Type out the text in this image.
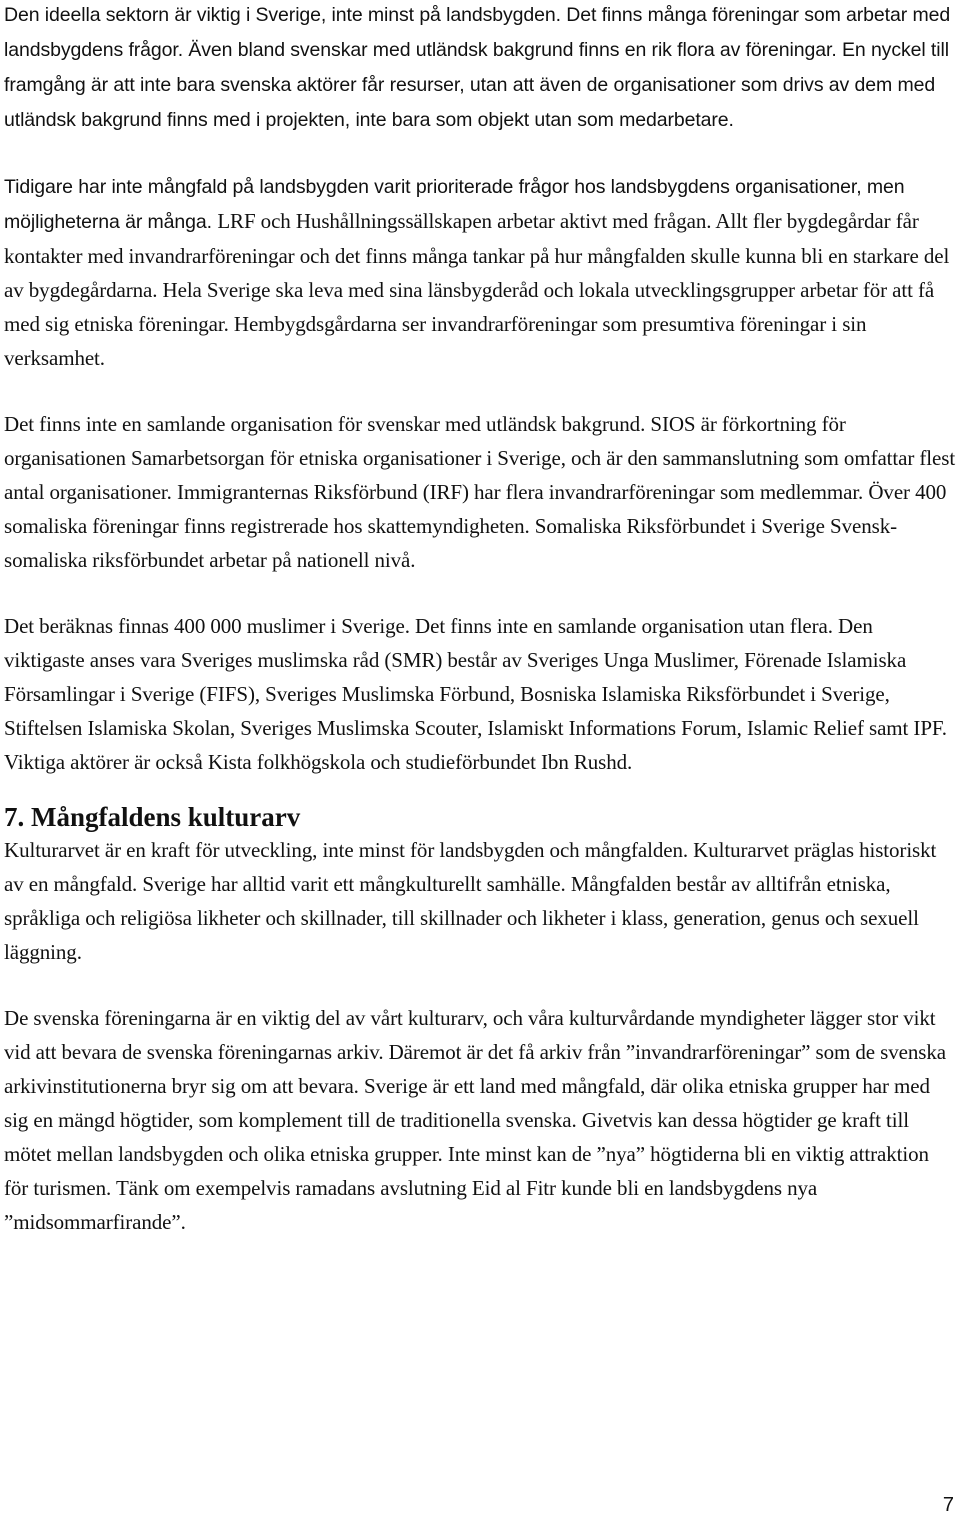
Den ideella sektorn är viktig i Sverige, inte minst på landsbygden. Det finns många föreningar som arbetar med landsbygdens frågor. Även bland svenskar med utländsk bakgrund finns en rik flora av föreningar. En nyckel till framgång är att inte bara svenska aktörer får resurser, utan att även de organisationer som drivs av dem med utländsk bakgrund finns med i projekten, inte bara som objekt utan som medarbetare.

Tidigare har inte mångfald på landsbygden varit prioriterade frågor hos landsbygdens organisationer, men möjligheterna är många. LRF och Hushållningssällskapen arbetar aktivt med frågan. Allt fler bygdegårdar får kontakter med invandrarföreningar och det finns många tankar på hur mångfalden skulle kunna bli en starkare del av bygdegårdarna. Hela Sverige ska leva med sina länsbygderåd och lokala utvecklingsgrupper arbetar för att få med sig etniska föreningar. Hembygdsgårdarna ser invandrarföreningar som presumtiva föreningar i sin verksamhet.

Det finns inte en samlande organisation för svenskar med utländsk bakgrund. SIOS är förkortning för organisationen Samarbetsorgan för etniska organisationer i Sverige, och är den sammanslutning som omfattar flest antal organisationer. Immigranternas Riksförbund (IRF) har flera invandrarföreningar som medlemmar. Över 400 somaliska föreningar finns registrerade hos skattemyndigheten. Somaliska Riksförbundet i Sverige Svensk-somaliska riksförbundet arbetar på nationell nivå.

Det beräknas finnas 400 000 muslimer i Sverige. Det finns inte en samlande organisation utan flera. Den viktigaste anses vara Sveriges muslimska råd (SMR) består av Sveriges Unga Muslimer, Förenade Islamiska Församlingar i Sverige (FIFS), Sveriges Muslimska Förbund, Bosniska Islamiska Riksförbundet i Sverige, Stiftelsen Islamiska Skolan, Sveriges Muslimska Scouter, Islamiskt Informations Forum, Islamic Relief samt IPF. Viktiga aktörer är också Kista folkhögskola och studieförbundet Ibn Rushd.

7. Mångfaldens kulturarv

Kulturarvet är en kraft för utveckling, inte minst för landsbygden och mångfalden. Kulturarvet präglas historiskt av en mångfald. Sverige har alltid varit ett mångkulturellt samhälle. Mångfalden består av alltifrån etniska, språkliga och religiösa likheter och skillnader, till skillnader och likheter i klass, generation, genus och sexuell läggning.

De svenska föreningarna är en viktig del av vårt kulturarv, och våra kulturvårdande myndigheter lägger stor vikt vid att bevara de svenska föreningarnas arkiv. Däremot är det få arkiv från ”invandrarföreningar” som de svenska arkivinstitutionerna bryr sig om att bevara. Sverige är ett land med mångfald, där olika etniska grupper har med sig en mängd högtider, som komplement till de traditionella svenska. Givetvis kan dessa högtider ge kraft till mötet mellan landsbygden och olika etniska grupper. Inte minst kan de ”nya” högtiderna bli en viktig attraktion för turismen. Tänk om exempelvis ramadans avslutning Eid al Fitr kunde bli en landsbygdens nya ”midsommarfirande”.

7
